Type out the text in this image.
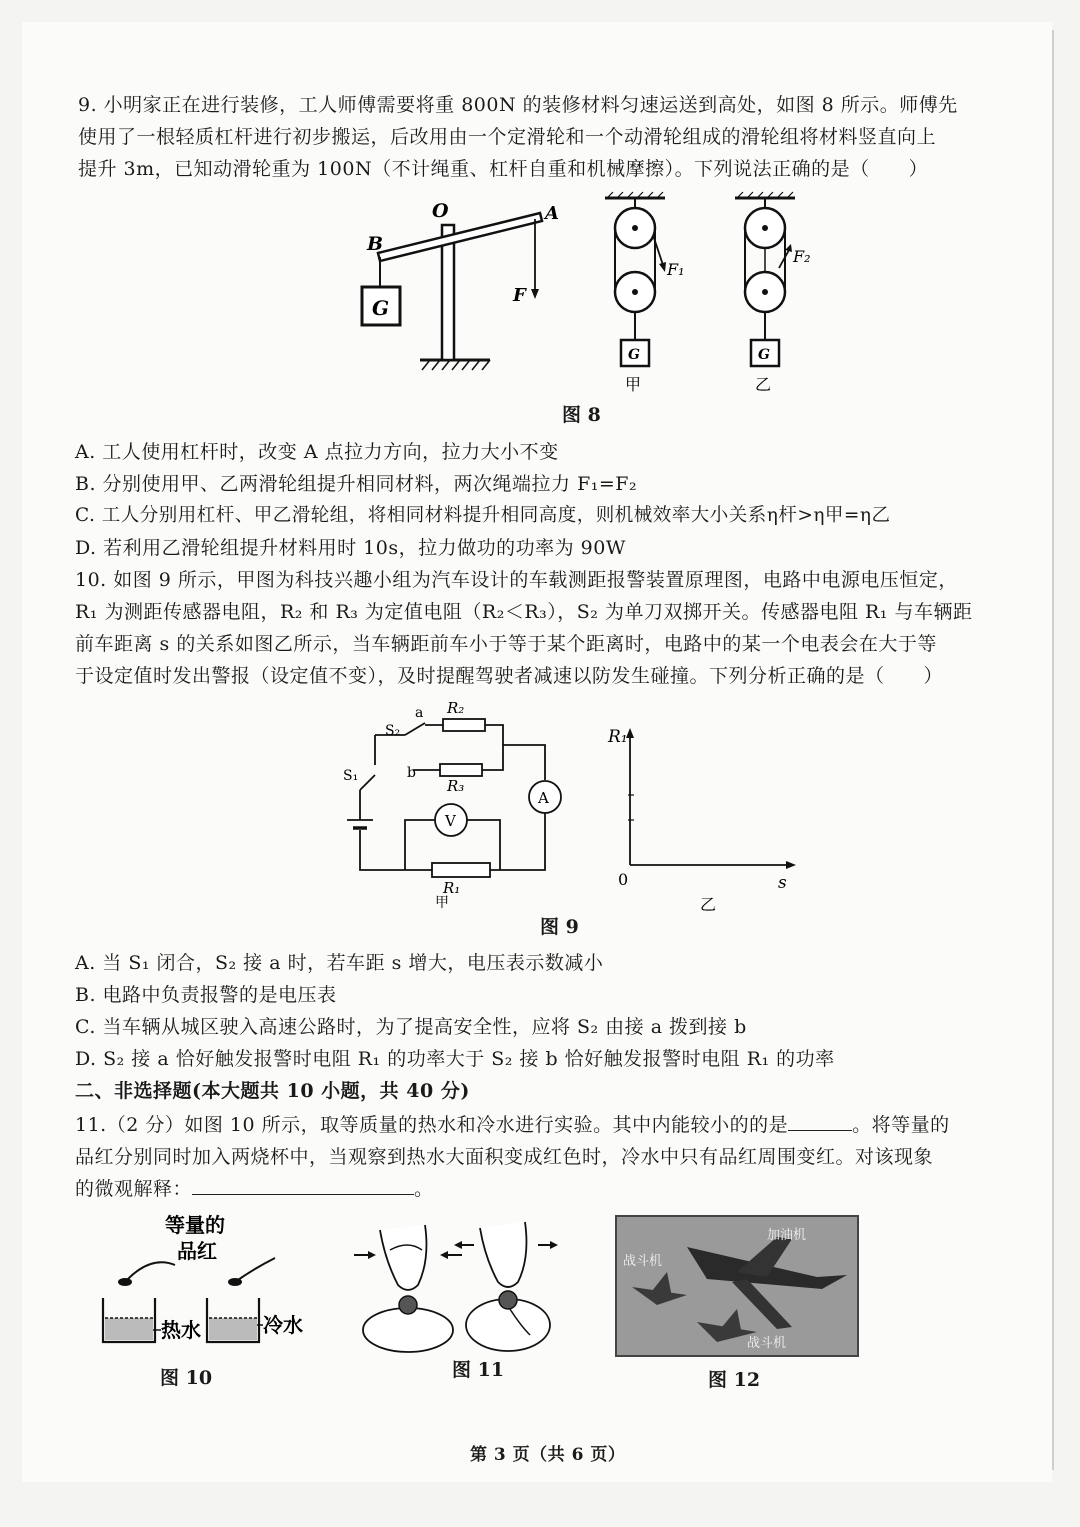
9. 小明家正在进行装修，工人师傅需要将重 800N 的装修材料匀速运送到高处，如图 8 所示。师傅先
使用了一根轻质杠杆进行初步搬运，后改用由一个定滑轮和一个动滑轮组成的滑轮组将材料竖直向上
提升 3m，已知动滑轮重为 100N（不计绳重、杠杆自重和机械摩擦）。下列说法正确的是（　　）
G
B
O	A
F
G
F₁
甲
G
F₂
乙
图 8
A. 工人使用杠杆时，改变 A 点拉力方向，拉力大小不变
B. 分别使用甲、乙两滑轮组提升相同材料，两次绳端拉力 F₁=F₂
C. 工人分别用杠杆、甲乙滑轮组，将相同材料提升相同高度，则机械效率大小关系η杆>η甲=η乙
D. 若利用乙滑轮组提升材料用时 10s，拉力做功的功率为 90W
10. 如图 9 所示，甲图为科技兴趣小组为汽车设计的车载测距报警装置原理图，电路中电源电压恒定，
R₁ 为测距传感器电阻，R₂ 和 R₃ 为定值电阻（R₂＜R₃），S₂ 为单刀双掷开关。传感器电阻 R₁ 与车辆距
前车距离 s 的关系如图乙所示，当车辆距前车小于等于某个距离时，电路中的某一个电表会在大于等
于设定值时发出警报（设定值不变），及时提醒驾驶者减速以防发生碰撞。下列分析正确的是（　　）
A
V
a
b
S₂
S₁
R₂
R₃
R₁
甲
R₁
s
0
乙
图 9
A. 当 S₁ 闭合，S₂ 接 a 时，若车距 s 增大，电压表示数减小
B. 电路中负责报警的是电压表
C. 当车辆从城区驶入高速公路时，为了提高安全性，应将 S₂ 由接 a 拨到接 b
D. S₂ 接 a 恰好触发报警时电阻 R₁ 的功率大于 S₂ 接 b 恰好触发报警时电阻 R₁ 的功率
二、非选择题(本大题共 10 小题，共 40 分)
11.（2 分）如图 10 所示，取等质量的热水和冷水进行实验。其中内能较小的的是	。将等量的
品红分别同时加入两烧杯中，当观察到热水大面积变成红色时，冷水中只有品红周围变红。对该现象
的微观解释：	。
等量的
品红
热水	冷水
图 10	图 11
加油机
战斗机
战斗机
图 12
第 3 页（共 6 页）
